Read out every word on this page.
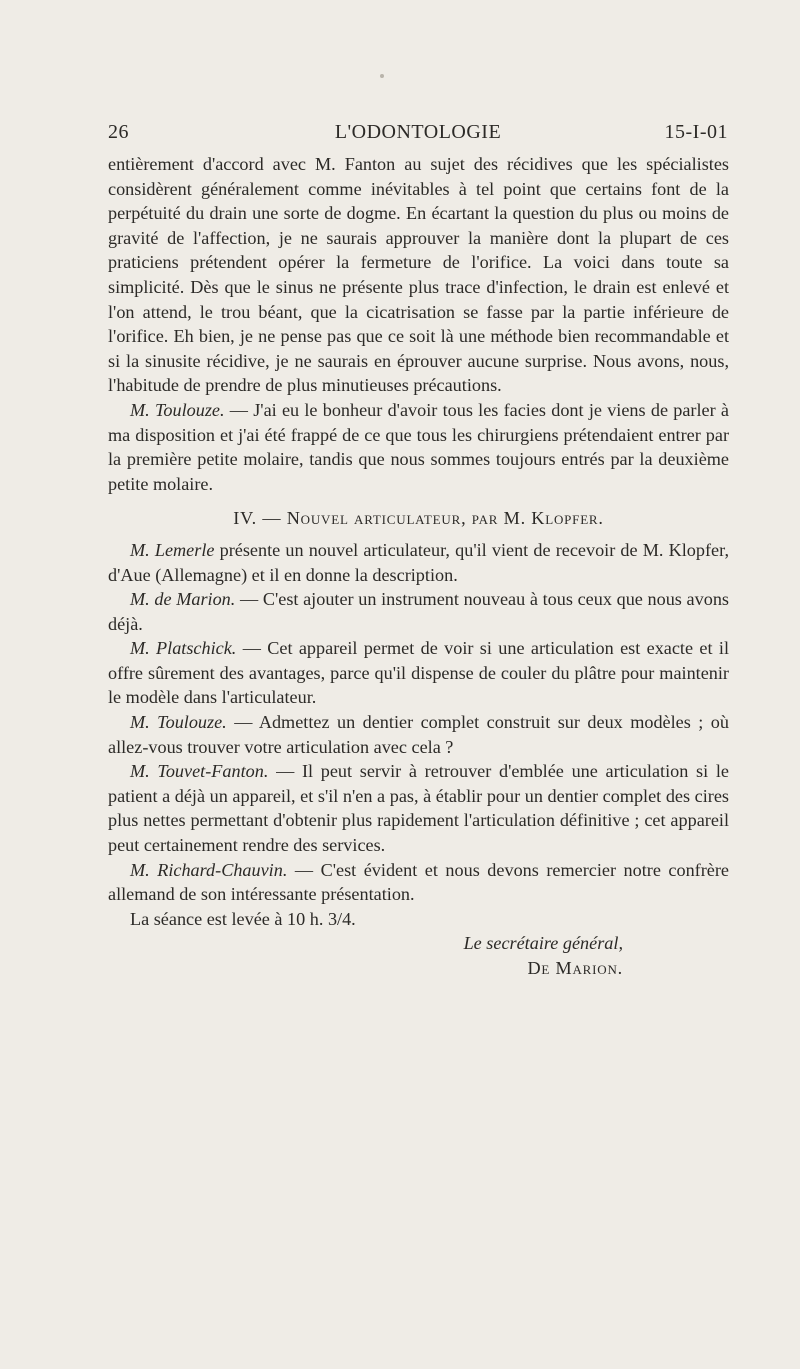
26	L'ODONTOLOGIE	15-I-01

entièrement d'accord avec M. Fanton au sujet des récidives que les spécialistes considèrent généralement comme inévitables à tel point que certains font de la perpétuité du drain une sorte de dogme. En écartant la question du plus ou moins de gravité de l'affection, je ne saurais approuver la manière dont la plupart de ces praticiens prétendent opérer la fermeture de l'orifice. La voici dans toute sa simplicité. Dès que le sinus ne présente plus trace d'infection, le drain est enlevé et l'on attend, le trou béant, que la cicatrisation se fasse par la partie inférieure de l'orifice. Eh bien, je ne pense pas que ce soit là une méthode bien recommandable et si la sinusite récidive, je ne saurais en éprouver aucune surprise. Nous avons, nous, l'habitude de prendre de plus minutieuses précautions.

M. Toulouze. — J'ai eu le bonheur d'avoir tous les facies dont je viens de parler à ma disposition et j'ai été frappé de ce que tous les chirurgiens prétendaient entrer par la première petite molaire, tandis que nous sommes toujours entrés par la deuxième petite molaire.

IV. — Nouvel articulateur, par M. Klopfer.

M. Lemerle présente un nouvel articulateur, qu'il vient de recevoir de M. Klopfer, d'Aue (Allemagne) et il en donne la description.

M. de Marion. — C'est ajouter un instrument nouveau à tous ceux que nous avons déjà.

M. Platschick. — Cet appareil permet de voir si une articulation est exacte et il offre sûrement des avantages, parce qu'il dispense de couler du plâtre pour maintenir le modèle dans l'articulateur.

M. Toulouze. — Admettez un dentier complet construit sur deux modèles ; où allez-vous trouver votre articulation avec cela ?

M. Touvet-Fanton. — Il peut servir à retrouver d'emblée une articulation si le patient a déjà un appareil, et s'il n'en a pas, à établir pour un dentier complet des cires plus nettes permettant d'obtenir plus rapidement l'articulation définitive ; cet appareil peut certainement rendre des services.

M. Richard-Chauvin. — C'est évident et nous devons remercier notre confrère allemand de son intéressante présentation.

La séance est levée à 10 h. 3/4.

Le secrétaire général,
De Marion.
